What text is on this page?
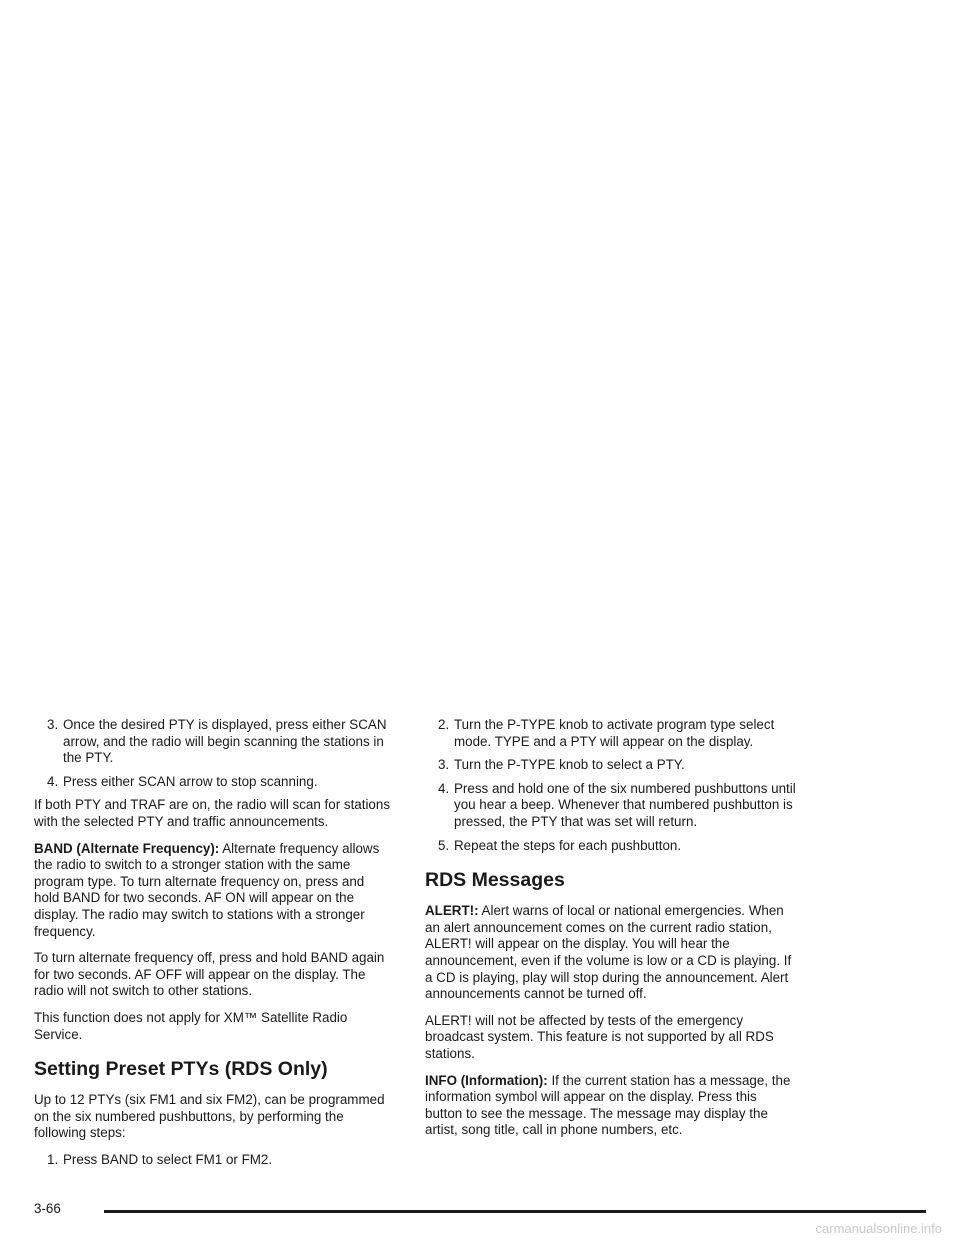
3. Once the desired PTY is displayed, press either SCAN arrow, and the radio will begin scanning the stations in the PTY.
4. Press either SCAN arrow to stop scanning.

If both PTY and TRAF are on, the radio will scan for stations with the selected PTY and traffic announcements.

BAND (Alternate Frequency): Alternate frequency allows the radio to switch to a stronger station with the same program type. To turn alternate frequency on, press and hold BAND for two seconds. AF ON will appear on the display. The radio may switch to stations with a stronger frequency.

To turn alternate frequency off, press and hold BAND again for two seconds. AF OFF will appear on the display. The radio will not switch to other stations.

This function does not apply for XM™ Satellite Radio Service.

Setting Preset PTYs (RDS Only)

Up to 12 PTYs (six FM1 and six FM2), can be programmed on the six numbered pushbuttons, by performing the following steps:

1. Press BAND to select FM1 or FM2.
2. Turn the P-TYPE knob to activate program type select mode. TYPE and a PTY will appear on the display.
3. Turn the P-TYPE knob to select a PTY.
4. Press and hold one of the six numbered pushbuttons until you hear a beep. Whenever that numbered pushbutton is pressed, the PTY that was set will return.
5. Repeat the steps for each pushbutton.
RDS Messages

ALERT!: Alert warns of local or national emergencies. When an alert announcement comes on the current radio station, ALERT! will appear on the display. You will hear the announcement, even if the volume is low or a CD is playing. If a CD is playing, play will stop during the announcement. Alert announcements cannot be turned off.

ALERT! will not be affected by tests of the emergency broadcast system. This feature is not supported by all RDS stations.

INFO (Information): If the current station has a message, the information symbol will appear on the display. Press this button to see the message. The message may display the artist, song title, call in phone numbers, etc.

3-66
carmanualsonline.info
